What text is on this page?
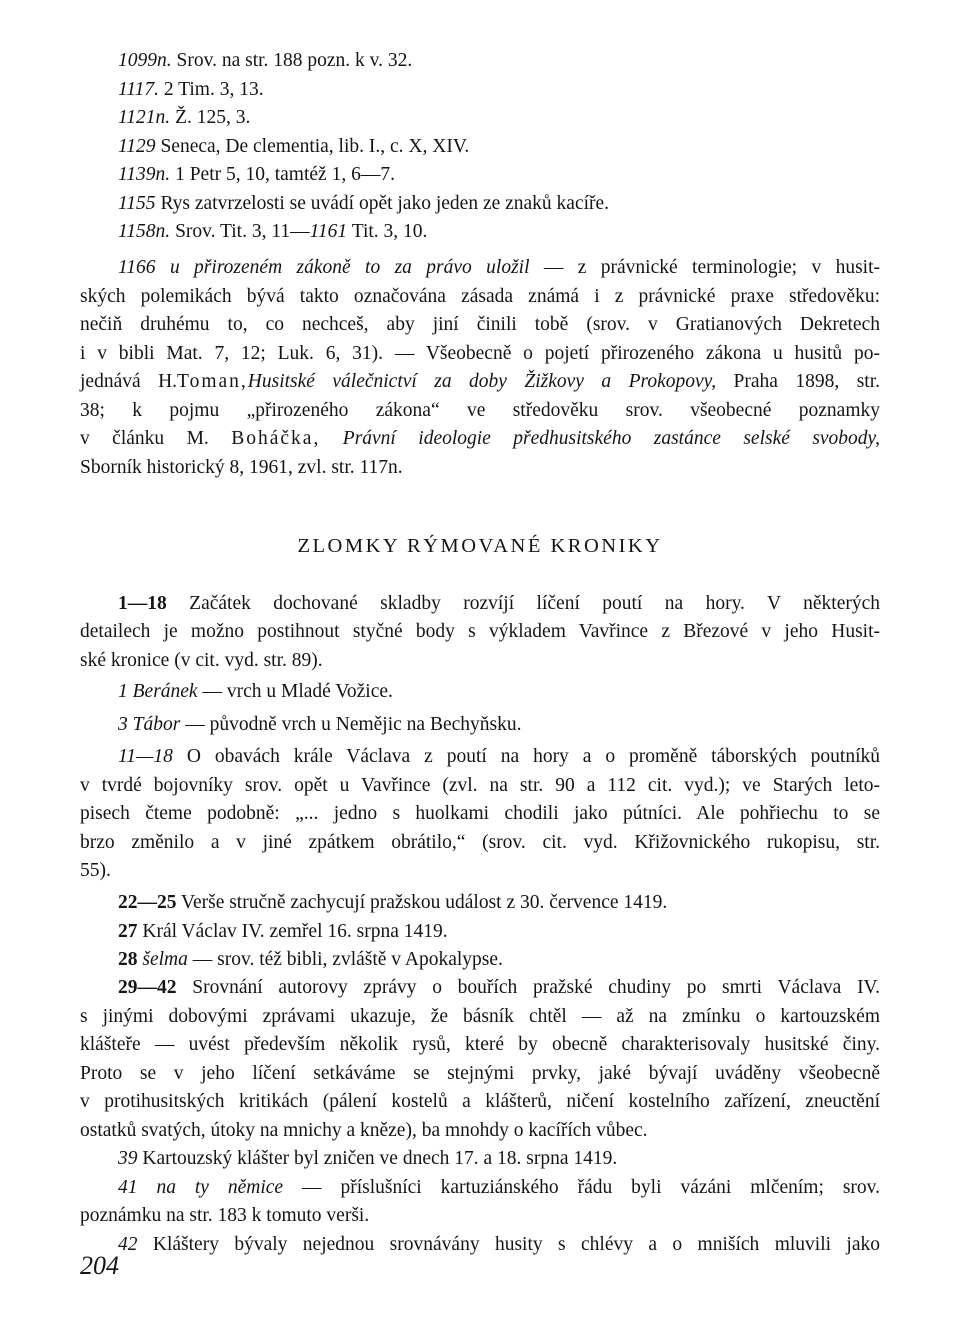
1099n. Srov. na str. 188 pozn. k v. 32.
1117. 2 Tim. 3, 13.
1121n. Ž. 125, 3.
1129 Seneca, De clementia, lib. I., c. X, XIV.
1139n. 1 Petr 5, 10, tamtéž 1, 6—7.
1155 Rys zatvrzelosti se uvádí opět jako jeden ze znaků kacíře.
1158n. Srov. Tit. 3, 11—1161 Tit. 3, 10.
1166 u přirozeném zákoně to za právo uložil — z právnické terminologie; v husit-
ských polemikách bývá takto označována zásada známá i z právnické praxe středověku:
nečiň druhému to, co nechceš, aby jiní činili tobě (srov. v Gratianových Dekretech
i v bibli Mat. 7, 12; Luk. 6, 31). — Všeobecně o pojetí přirozeného zákona u husitů po-
jednává H.Toman,Husitské válečnictví za doby Žižkovy a Prokopovy, Praha 1898, str.
38; k pojmu „přirozeného zákona“ ve středověku srov. všeobecné poznamky
v článku M. Boháčka, Právní ideologie předhusitského zastánce selské svobody,
Sborník historický 8, 1961, zvl. str. 117n.
ZLOMKY RÝMOVANÉ KRONIKY
1—18 Začátek dochované skladby rozvíjí líčení poutí na hory. V některých
detailech je možno postihnout styčné body s výkladem Vavřince z Březové v jeho Husit-
ské kronice (v cit. vyd. str. 89).
1 Beránek — vrch u Mladé Vožice.
3 Tábor — původně vrch u Nemějic na Bechyňsku.
11—18 O obavách krále Václava z poutí na hory a o proměně táborských poutníků
v tvrdé bojovníky srov. opět u Vavřince (zvl. na str. 90 a 112 cit. vyd.); ve Starých leto-
pisech čteme podobně: „... jedno s huolkami chodili jako pútníci. Ale pohřiechu to se
brzo změnilo a v jiné zpátkem obrátilo,“ (srov. cit. vyd. Křižovnického rukopisu, str.
55).
22—25 Verše stručně zachycují pražskou událost z 30. července 1419.
27 Král Václav IV. zemřel 16. srpna 1419.
28 šelma — srov. též bibli, zvláště v Apokalypse.
29—42 Srovnání autorovy zprávy o bouřích pražské chudiny po smrti Václava IV.
s jinými dobovými zprávami ukazuje, že básník chtěl — až na zmínku o kartouzském
klášteře — uvést především několik rysů, které by obecně charakterisovaly husitské činy.
Proto se v jeho líčení setkáváme se stejnými prvky, jaké bývají uváděny všeobecně
v protihusitských kritikách (pálení kostelů a klášterů, ničení kostelního zařízení, zneuctění
ostatků svatých, útoky na mnichy a kněze), ba mnohdy o kacířích vůbec.
39 Kartouzský klášter byl zničen ve dnech 17. a 18. srpna 1419.
41 na ty němice — příslušníci kartuziánského řádu byli vázáni mlčením; srov.
poznámku na str. 183 k tomuto verši.
42 Kláštery bývaly nejednou srovnávány husity s chlévy a o mniších mluvili jako
204
